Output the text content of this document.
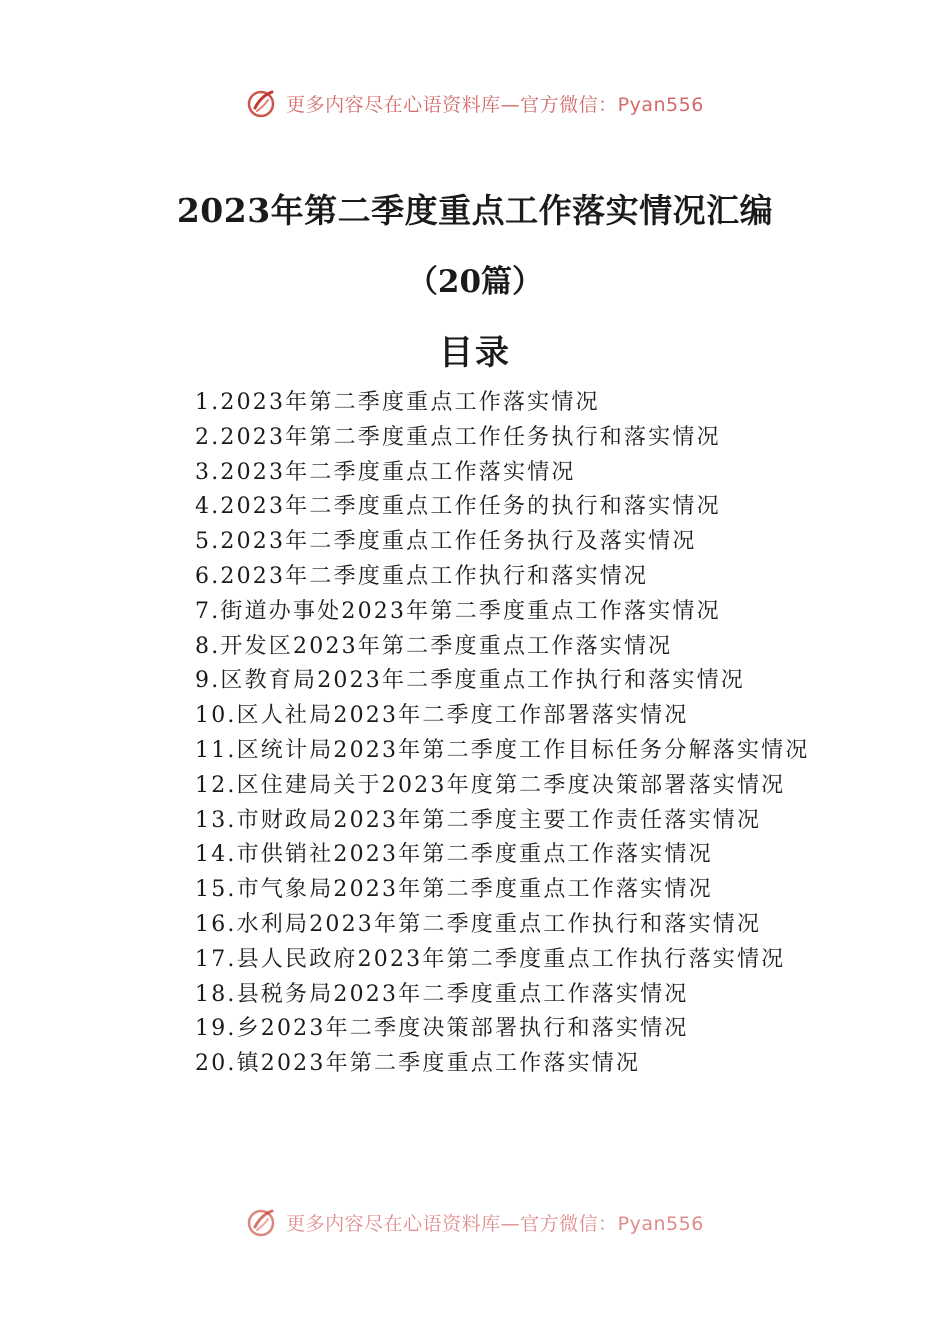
更多内容尽在心语资料库—官方微信：Pyan556
2023年第二季度重点工作落实情况汇编
（20篇）
目录
1.2023年第二季度重点工作落实情况
2.2023年第二季度重点工作任务执行和落实情况
3.2023年二季度重点工作落实情况
4.2023年二季度重点工作任务的执行和落实情况
5.2023年二季度重点工作任务执行及落实情况
6.2023年二季度重点工作执行和落实情况
7.街道办事处2023年第二季度重点工作落实情况
8.开发区2023年第二季度重点工作落实情况
9.区教育局2023年二季度重点工作执行和落实情况
10.区人社局2023年二季度工作部署落实情况
11.区统计局2023年第二季度工作目标任务分解落实情况
12.区住建局关于2023年度第二季度决策部署落实情况
13.市财政局2023年第二季度主要工作责任落实情况
14.市供销社2023年第二季度重点工作落实情况
15.市气象局2023年第二季度重点工作落实情况
16.水利局2023年第二季度重点工作执行和落实情况
17.县人民政府2023年第二季度重点工作执行落实情况
18.县税务局2023年二季度重点工作落实情况
19.乡2023年二季度决策部署执行和落实情况
20.镇2023年第二季度重点工作落实情况
更多内容尽在心语资料库—官方微信：Pyan556
